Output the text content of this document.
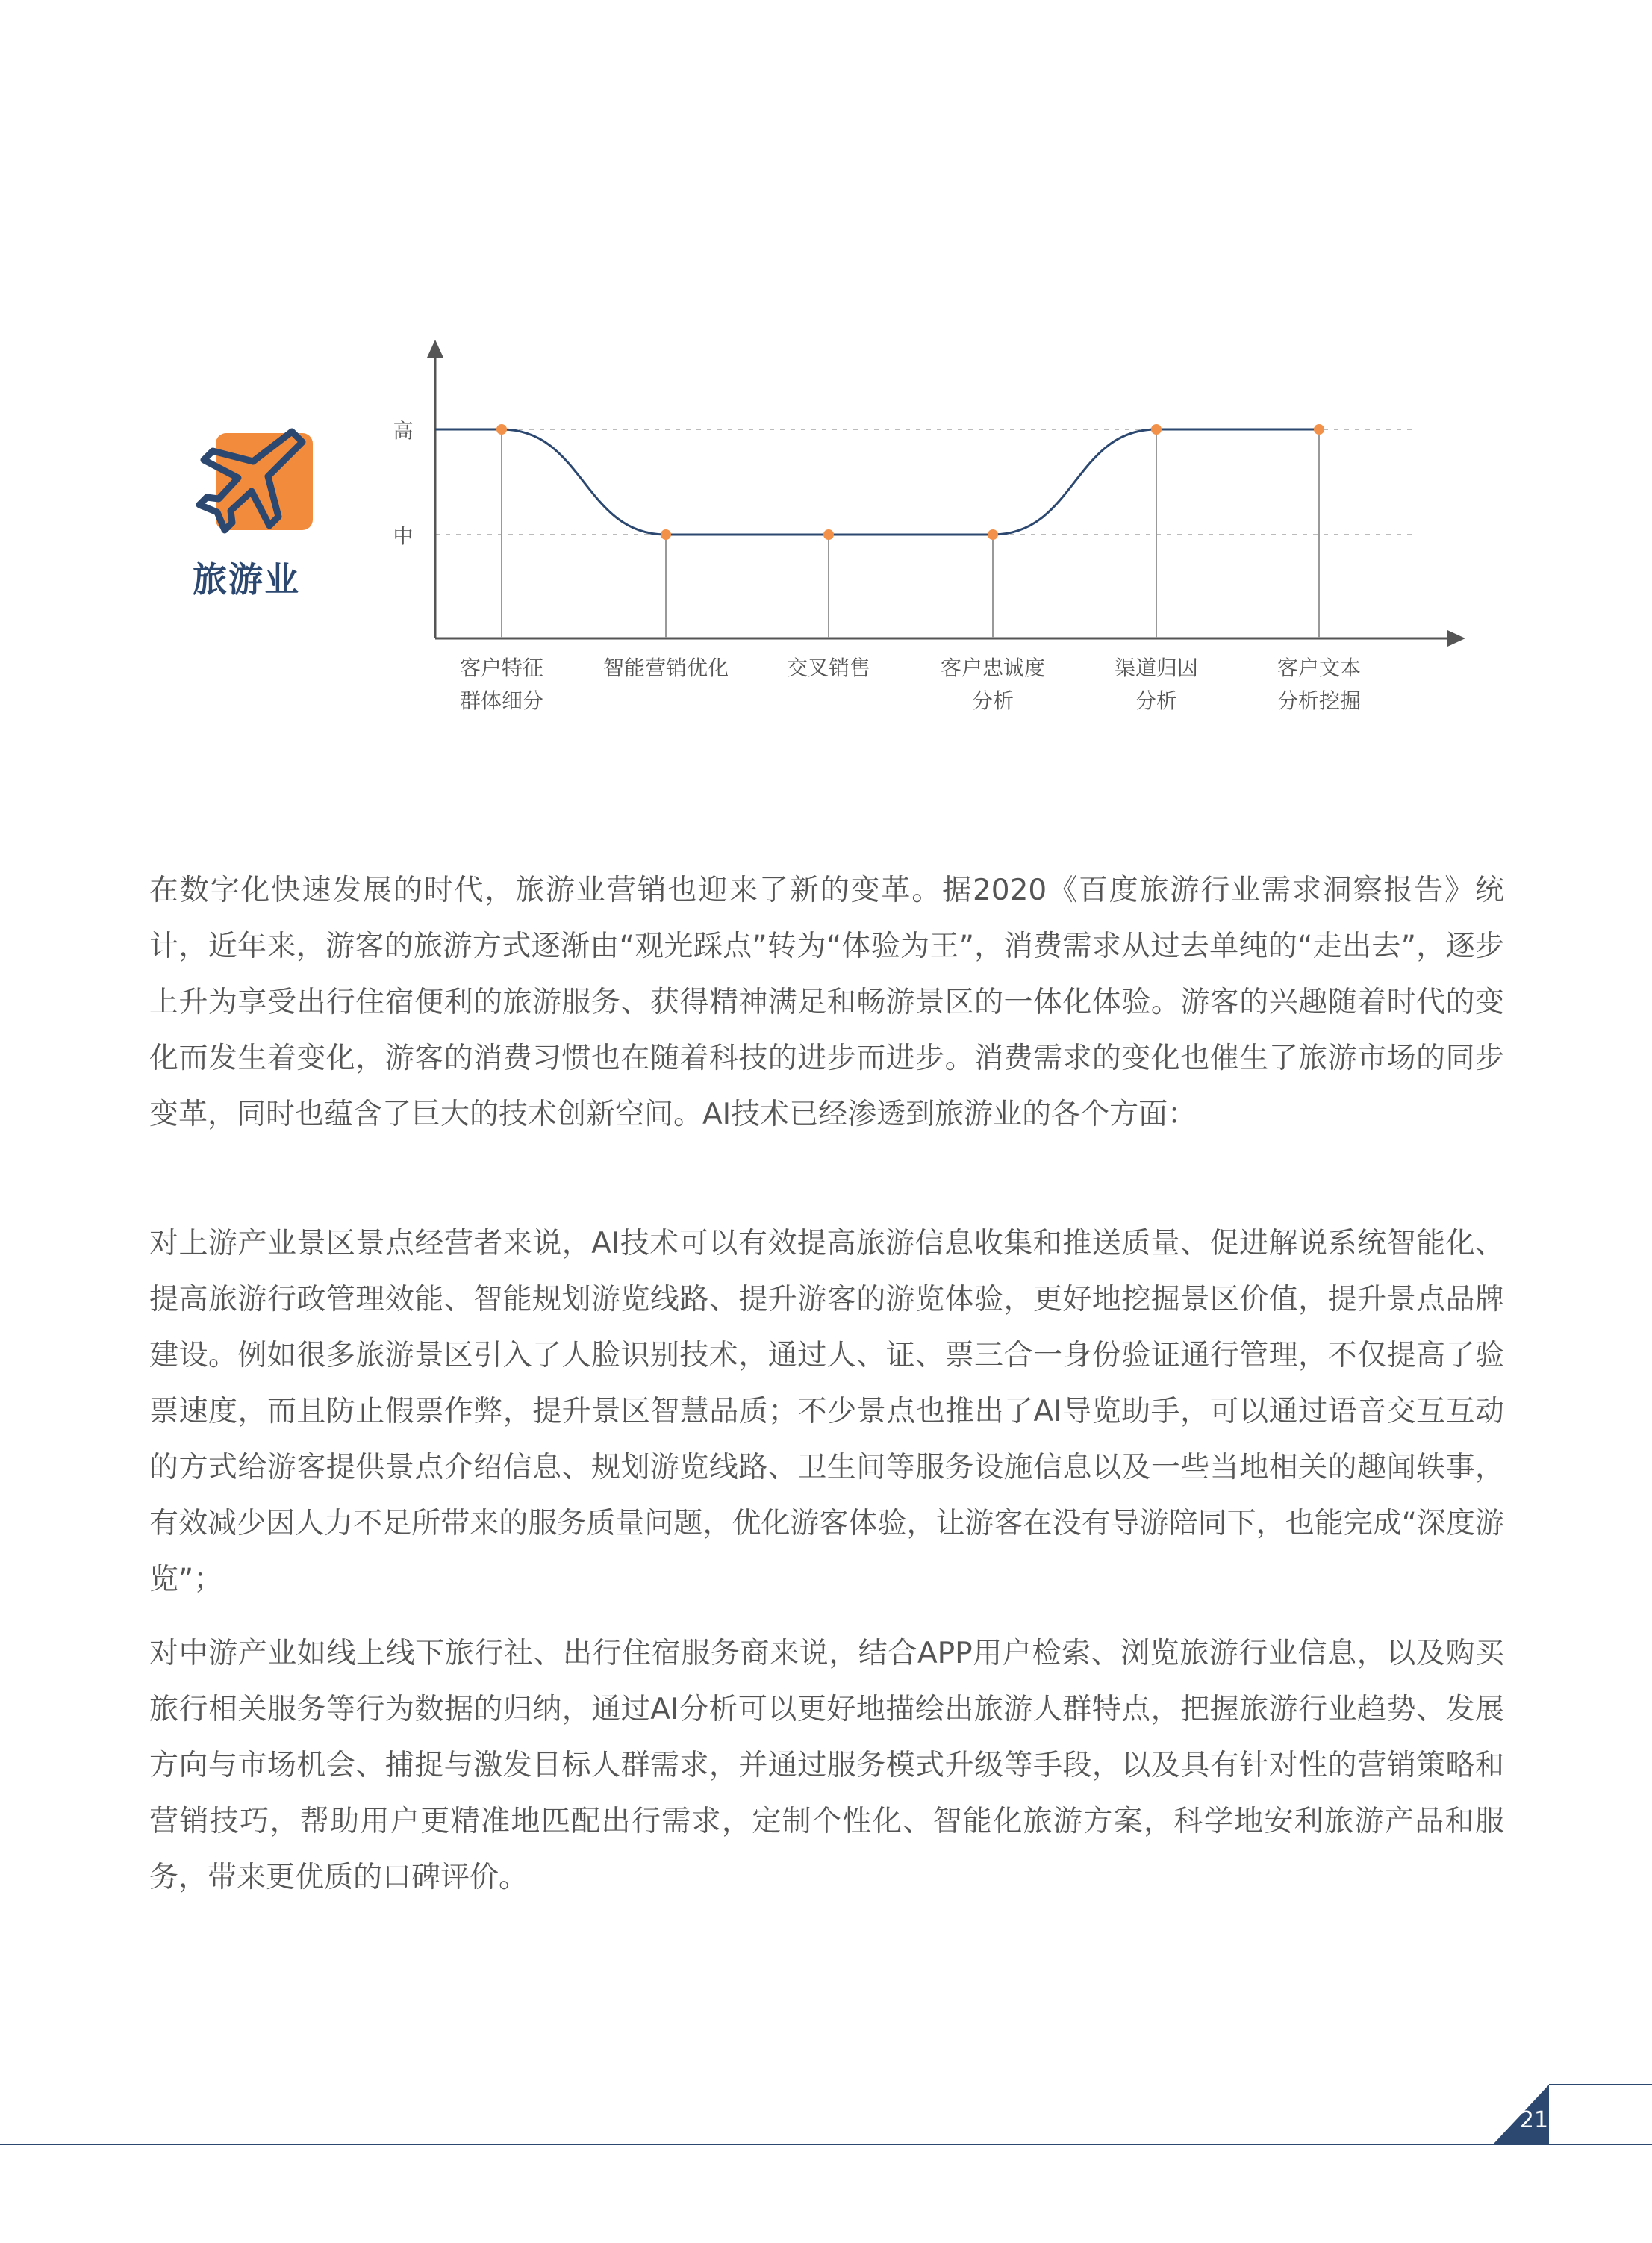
旅游业
中
高
客户特征
群体细分
智能营销优化	交叉销售	客户忠诚度
分析
渠道归因
分析
客户文本
分析挖掘

在数字化快速发展的时代，旅游业营销也迎来了新的变革。据2020《百度旅游行业需求洞察报告》统计，近年来，游客的旅游方式逐渐由“观光踩点”转为“体验为王”，消费需求从过去单纯的“走出去”，逐步上升为享受出行住宿便利的旅游服务、获得精神满足和畅游景区的一体化体验。游客的兴趣随着时代的变化而发生着变化，游客的消费习惯也在随着科技的进步而进步。消费需求的变化也催生了旅游市场的同步变革，同时也蕴含了巨大的技术创新空间。AI技术已经渗透到旅游业的各个方面：

对上游产业景区景点经营者来说，AI技术可以有效提高旅游信息收集和推送质量、促进解说系统智能化、提高旅游行政管理效能、智能规划游览线路、提升游客的游览体验，更好地挖掘景区价值，提升景点品牌建设。例如很多旅游景区引入了人脸识别技术，通过人、证、票三合一身份验证通行管理，不仅提高了验票速度，而且防止假票作弊，提升景区智慧品质；不少景点也推出了AI导览助手，可以通过语音交互互动的方式给游客提供景点介绍信息、规划游览线路、卫生间等服务设施信息以及一些当地相关的趣闻轶事，有效减少因人力不足所带来的服务质量问题，优化游客体验，让游客在没有导游陪同下，也能完成“深度游览”；

对中游产业如线上线下旅行社、出行住宿服务商来说，结合APP用户检索、浏览旅游行业信息，以及购买旅行相关服务等行为数据的归纳，通过AI分析可以更好地描绘出旅游人群特点，把握旅游行业趋势、发展方向与市场机会、捕捉与激发目标人群需求，并通过服务模式升级等手段，以及具有针对性的营销策略和营销技巧，帮助用户更精准地匹配出行需求，定制个性化、智能化旅游方案，科学地安利旅游产品和服务，带来更优质的口碑评价。

21
